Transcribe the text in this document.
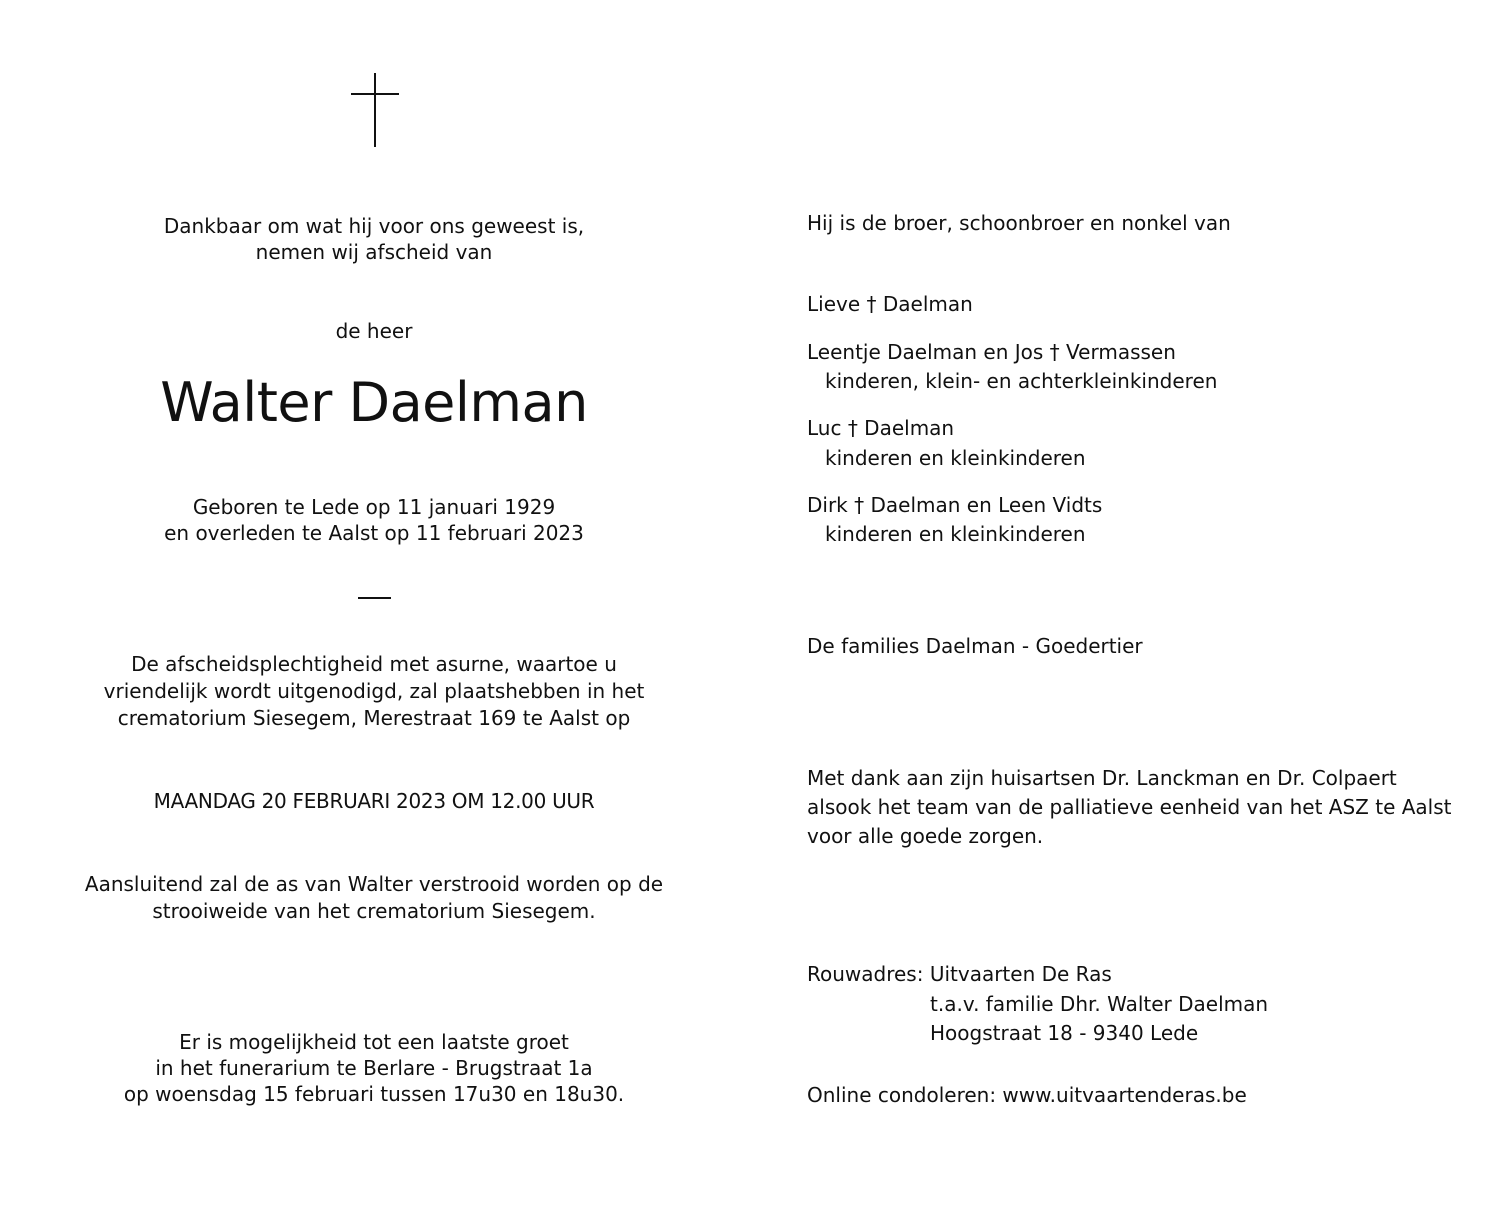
Dankbaar om wat hij voor ons geweest is,

nemen wij afscheid van

de heer

Walter Daelman

Geboren te Lede op 11 januari 1929

en overleden te Aalst op 11 februari 2023

De afscheidsplechtigheid met asurne, waartoe u

vriendelijk wordt uitgenodigd, zal plaatshebben in het

crematorium Siesegem, Merestraat 169 te Aalst op

MAANDAG 20 FEBRUARI 2023 OM 12.00 UUR

Aansluitend zal de as van Walter verstrooid worden op de

strooiweide van het crematorium Siesegem.

Er is mogelijkheid tot een laatste groet

in het funerarium te Berlare - Brugstraat 1a

op woensdag 15 februari tussen 17u30 en 18u30.

Hij is de broer, schoonbroer en nonkel van

Lieve † Daelman

Leentje Daelman en Jos † Vermassen

kinderen, klein- en achterkleinkinderen

Luc † Daelman

kinderen en kleinkinderen

Dirk † Daelman en Leen Vidts

kinderen en kleinkinderen

De families Daelman - Goedertier

Met dank aan zijn huisartsen Dr. Lanckman en Dr. Colpaert

alsook het team van de palliatieve eenheid van het ASZ te Aalst

voor alle goede zorgen.

Rouwadres: Uitvaarten De Ras

t.a.v. familie Dhr. Walter Daelman

Hoogstraat 18 - 9340 Lede

Online condoleren: www.uitvaartenderas.be
